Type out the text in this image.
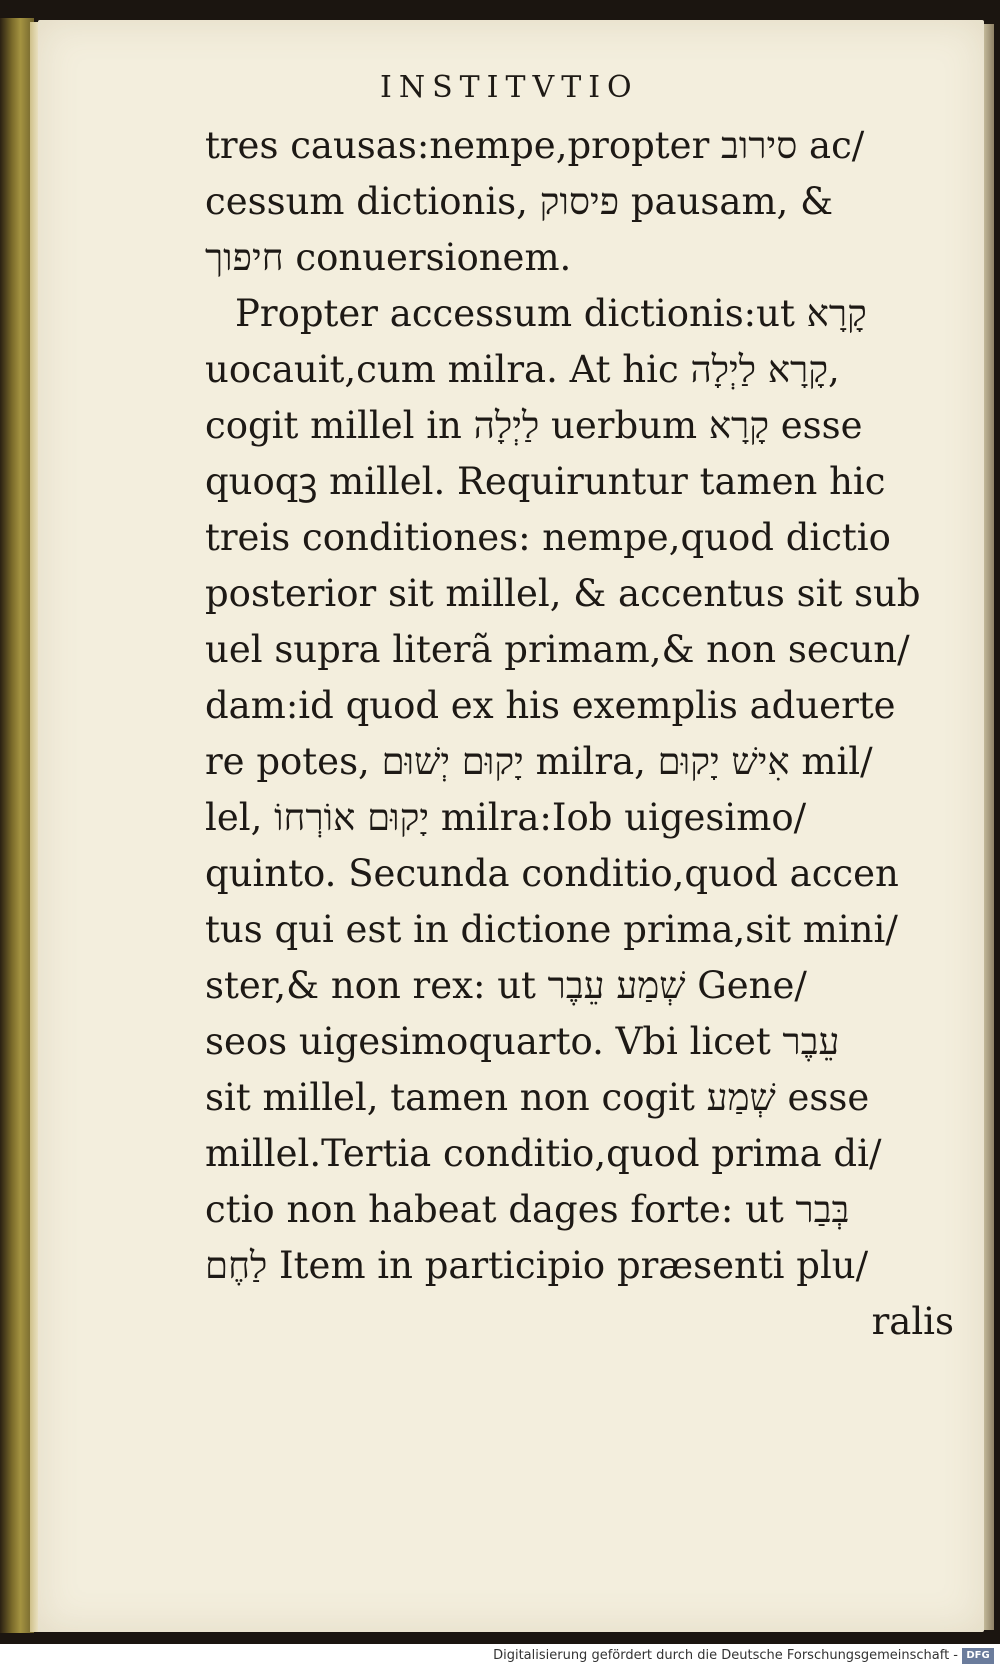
INSTITVTIO
tres causas:nempe,propter סירוב ac/
cessum dictionis, פיסוק pausam, &
חיפוך conuersionem.
Propter accessum dictionis:ut קָרָא
uocauit,cum milra. At hic קָרָא לַיְלָה,
cogit millel in לַיְלָה uerbum קָרָא esse
quoqꝫ millel. Requiruntur tamen hic
treis conditiones: nempe,quod dictio
posterior sit millel, & accentus sit sub
uel supra literã primam,& non secun/
dam:id quod ex his exemplis aduerte
re potes, יָקוּם יְשׁוּם milra, אִישׁ יָקוּם mil/
lel, יָקוּם אוֹרְחוֹ milra:Iob uigesimo/
quinto. Secunda conditio,quod accen
tus qui est in dictione prima,sit mini/
ster,& non rex: ut שְׁמַע עֵבֶר Gene/
seos uigesimoquarto. Vbi licet עֵבֶר
sit millel, tamen non cogit שְׁמַע esse
millel.Tertia conditio,quod prima di/
ctio non habeat dages forte: ut בְּבַר
לַחֶם Item in participio præsenti plu/
ralis
Digitalisierung gefördert durch die Deutsche Forschungsgemeinschaft - DFG
